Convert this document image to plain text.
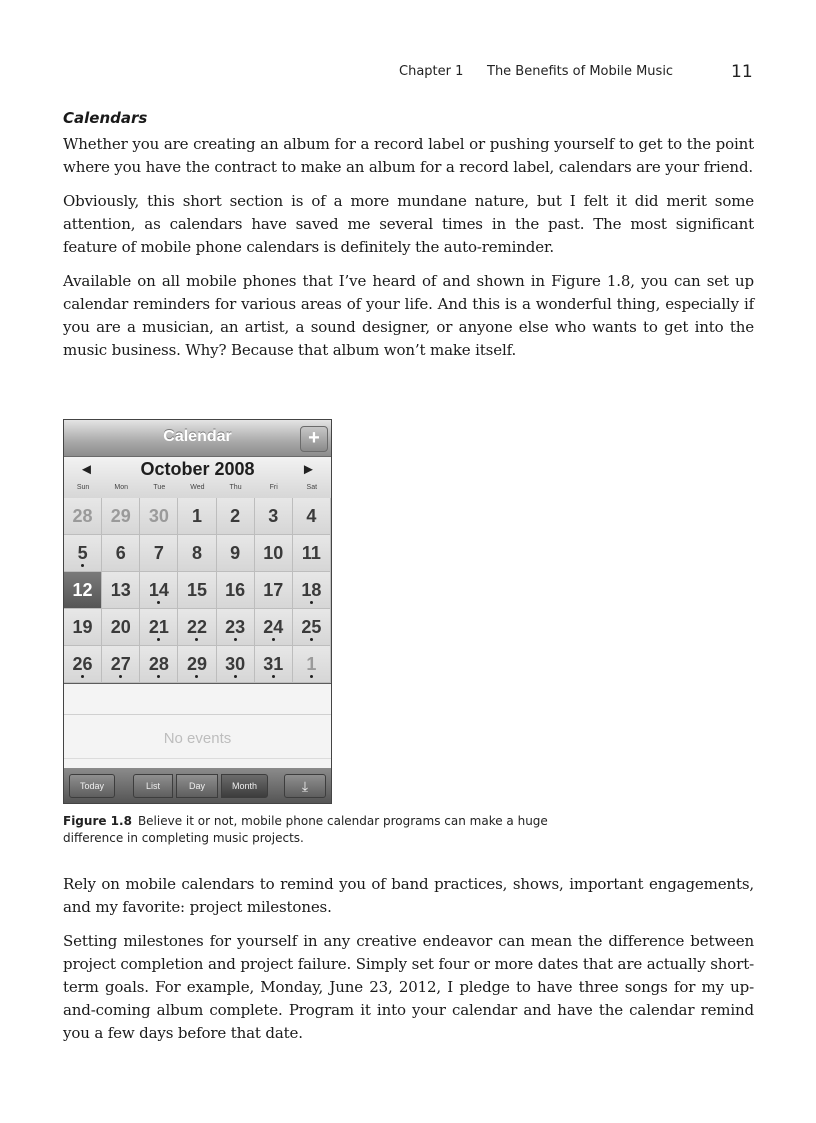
Chapter 1 The Benefits of Mobile Music	11
Calendars

Whether you are creating an album for a record label or pushing yourself to get to the point where you have the contract to make an album for a record label, calendars are your friend.

Obviously, this short section is of a more mundane nature, but I felt it did merit some attention, as calendars have saved me several times in the past. The most significant feature of mobile phone calendars is definitely the auto-reminder.

Available on all mobile phones that I’ve heard of and shown in Figure 1.8, you can set up calendar reminders for various areas of your life. And this is a wonderful thing, especially if you are a musician, an artist, a sound designer, or anyone else who wants to get into the music business. Why? Because that album won’t make itself.

Calendar	+
◄	October 2008	►
Sun	Mon	Tue	Wed	Thu	Fri	Sat
28	29	30	1	2	3	4
5	6	7	8	9	10	11
12	13	14	15	16	17	18
19	20	21	22	23	24	25
26	27	28	29	30	31	1
No events
Today	List	Day	Month	⤓

Figure 1.8 Believe it or not, mobile phone calendar programs can make a huge difference in completing music projects.

Rely on mobile calendars to remind you of band practices, shows, important engagements, and my favorite: project milestones.

Setting milestones for yourself in any creative endeavor can mean the difference between project completion and project failure. Simply set four or more dates that are actually short-term goals. For example, Monday, June 23, 2012, I pledge to have three songs for my up-and-coming album complete. Program it into your calendar and have the calendar remind you a few days before that date.
